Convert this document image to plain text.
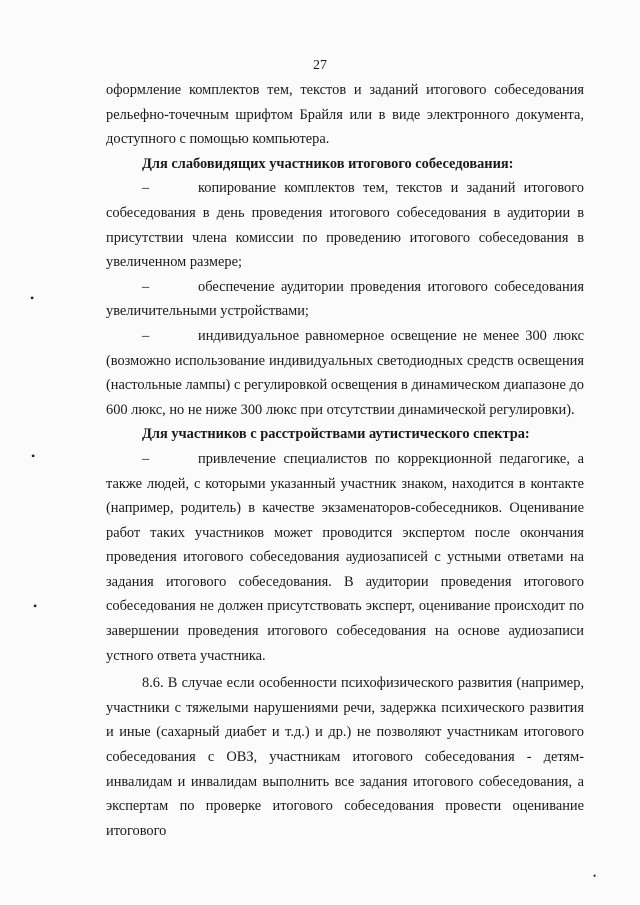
27

оформление комплектов тем, текстов и заданий итогового собеседования рельефно-точечным шрифтом Брайля или в виде электронного документа, доступного с помощью компьютера.

Для слабовидящих участников итогового собеседования:

–	копирование комплектов тем, текстов и заданий итогового собеседования в день проведения итогового собеседования в аудитории в присутствии члена комиссии по проведению итогового собеседования в увеличенном размере;

–	обеспечение аудитории проведения итогового собеседования увеличительными устройствами;

–	индивидуальное равномерное освещение не менее 300 люкс (возможно использование индивидуальных светодиодных средств освещения (настольные лампы) с регулировкой освещения в динамическом диапазоне до 600 люкс, но не ниже 300 люкс при отсутствии динамической регулировки).

Для участников с расстройствами аутистического спектра:

–	привлечение специалистов по коррекционной педагогике, а также людей, с которыми указанный участник знаком, находится в контакте (например, родитель) в качестве экзаменаторов-собеседников. Оценивание работ таких участников может проводится экспертом после окончания проведения итогового собеседования аудиозаписей с устными ответами на задания итогового собеседования. В аудитории проведения итогового собеседования не должен присутствовать эксперт, оценивание происходит по завершении проведения итогового собеседования на основе аудиозаписи устного ответа участника.

8.6. В случае если особенности психофизического развития (например, участники с тяжелыми нарушениями речи, задержка психического развития и иные (сахарный диабет и т.д.) и др.) не позволяют участникам итогового собеседования с ОВЗ, участникам итогового собеседования - детям-инвалидам и инвалидам выполнить все задания итогового собеседования, а экспертам по проверке итогового собеседования провести оценивание итогового

•
•
•
•
